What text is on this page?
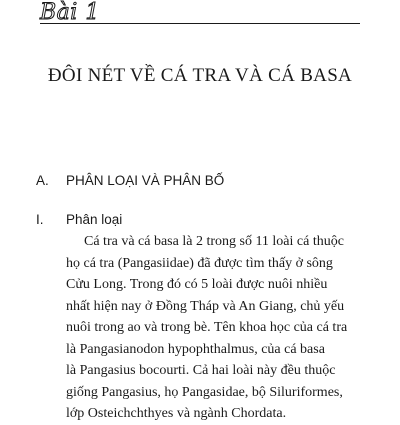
Bài 1
ĐÔI NÉT VỀ CÁ TRA VÀ CÁ BASA
A. PHÂN LOẠI VÀ PHÂN BỐ
I. Phân loại
Cá tra và cá basa là 2 trong số 11 loài cá thuộc
họ cá tra (Pangasiidae) đã được tìm thấy ở sông
Cửu Long. Trong đó có 5 loài được nuôi nhiều
nhất hiện nay ở Đồng Tháp và An Giang, chủ yếu
nuôi trong ao và trong bè. Tên khoa học của cá tra
là Pangasianodon hypophthalmus, của cá basa
là Pangasius bocourti. Cả hai loài này đều thuộc
giống Pangasius, họ Pangasidae, bộ Siluriformes,
lớp Osteichchthyes và ngành Chordata.
